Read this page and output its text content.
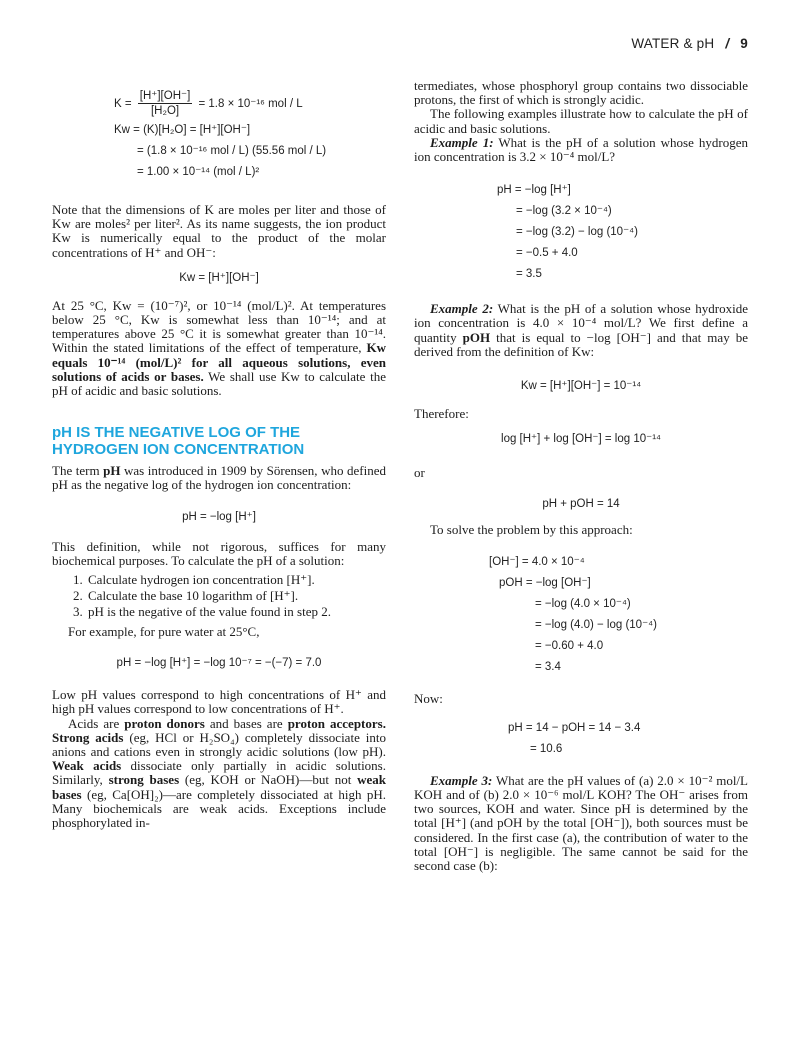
WATER & pH / 9
$K = \frac{[H^+][OH^-]}{\text{[H₂O]}} = 1.8 \times 10^{-16}$ mol / L
Kw = (K)[H₂O] = [H⁺][OH⁻]
= (1.8 × 10⁻¹⁶ mol / L) (55.56 mol / L)
= 1.00 × 10⁻¹⁴ (mol / L)²

Note that the dimensions of K are moles per liter and those of Kw are moles² per liter². As its name suggests, the ion product Kw is numerically equal to the product of the molar concentrations of H⁺ and OH⁻:

Kw = [H⁺][OH⁻]

At 25 °C, Kw = (10⁻⁷)², or 10⁻¹⁴ (mol/L)². At temperatures below 25 °C, Kw is somewhat less than 10⁻¹⁴; and at temperatures above 25 °C it is somewhat greater than 10⁻¹⁴. Within the stated limitations of the effect of temperature, Kw equals 10⁻¹⁴ (mol/L)² for all aqueous solutions, even solutions of acids or bases. We shall use Kw to calculate the pH of acidic and basic solutions.

pH IS THE NEGATIVE LOG OF THE
HYDROGEN ION CONCENTRATION

The term pH was introduced in 1909 by Sörensen, who defined pH as the negative log of the hydrogen ion concentration:

pH = −log [H⁺]

This definition, while not rigorous, suffices for many biochemical purposes. To calculate the pH of a solution:

1. Calculate hydrogen ion concentration [H⁺].
2. Calculate the base 10 logarithm of [H⁺].
3. pH is the negative of the value found in step 2.

For example, for pure water at 25°C,

pH = −log [H⁺] = −log 10⁻⁷ = −(−7) = 7.0

Low pH values correspond to high concentrations of H⁺ and high pH values correspond to low concentrations of H⁺.

Acids are proton donors and bases are proton acceptors. Strong acids (eg, HCl or H₂SO₄) completely dissociate into anions and cations even in strongly acidic solutions (low pH). Weak acids dissociate only partially in acidic solutions. Similarly, strong bases (eg, KOH or NaOH)—but not weak bases (eg, Ca[OH]₂)—are completely dissociated at high pH. Many biochemicals are weak acids. Exceptions include phosphorylated in-

termediates, whose phosphoryl group contains two dissociable protons, the first of which is strongly acidic.

The following examples illustrate how to calculate the pH of acidic and basic solutions.

Example 1: What is the pH of a solution whose hydrogen ion concentration is 3.2 × 10⁻⁴ mol/L?

pH = −log [H⁺]
= −log (3.2 × 10⁻⁴)
= −log (3.2) − log (10⁻⁴)
= −0.5 + 4.0
= 3.5

Example 2: What is the pH of a solution whose hydroxide ion concentration is 4.0 × 10⁻⁴ mol/L? We first define a quantity pOH that is equal to −log [OH⁻] and that may be derived from the definition of Kw:

Kw = [H⁺][OH⁻] = 10⁻¹⁴

Therefore:

log [H⁺] + log [OH⁻] = log 10⁻¹⁴

or

pH + pOH = 14

To solve the problem by this approach:

[OH⁻] = 4.0 × 10⁻⁴
pOH = −log [OH⁻]
= −log (4.0 × 10⁻⁴)
= −log (4.0) − log (10⁻⁴)
= −0.60 + 4.0
= 3.4

Now:

pH = 14 − pOH = 14 − 3.4
= 10.6

Example 3: What are the pH values of (a) 2.0 × 10⁻² mol/L KOH and of (b) 2.0 × 10⁻⁶ mol/L KOH? The OH⁻ arises from two sources, KOH and water. Since pH is determined by the total [H⁺] (and pOH by the total [OH⁻]), both sources must be considered. In the first case (a), the contribution of water to the total [OH⁻] is negligible. The same cannot be said for the second case (b):
